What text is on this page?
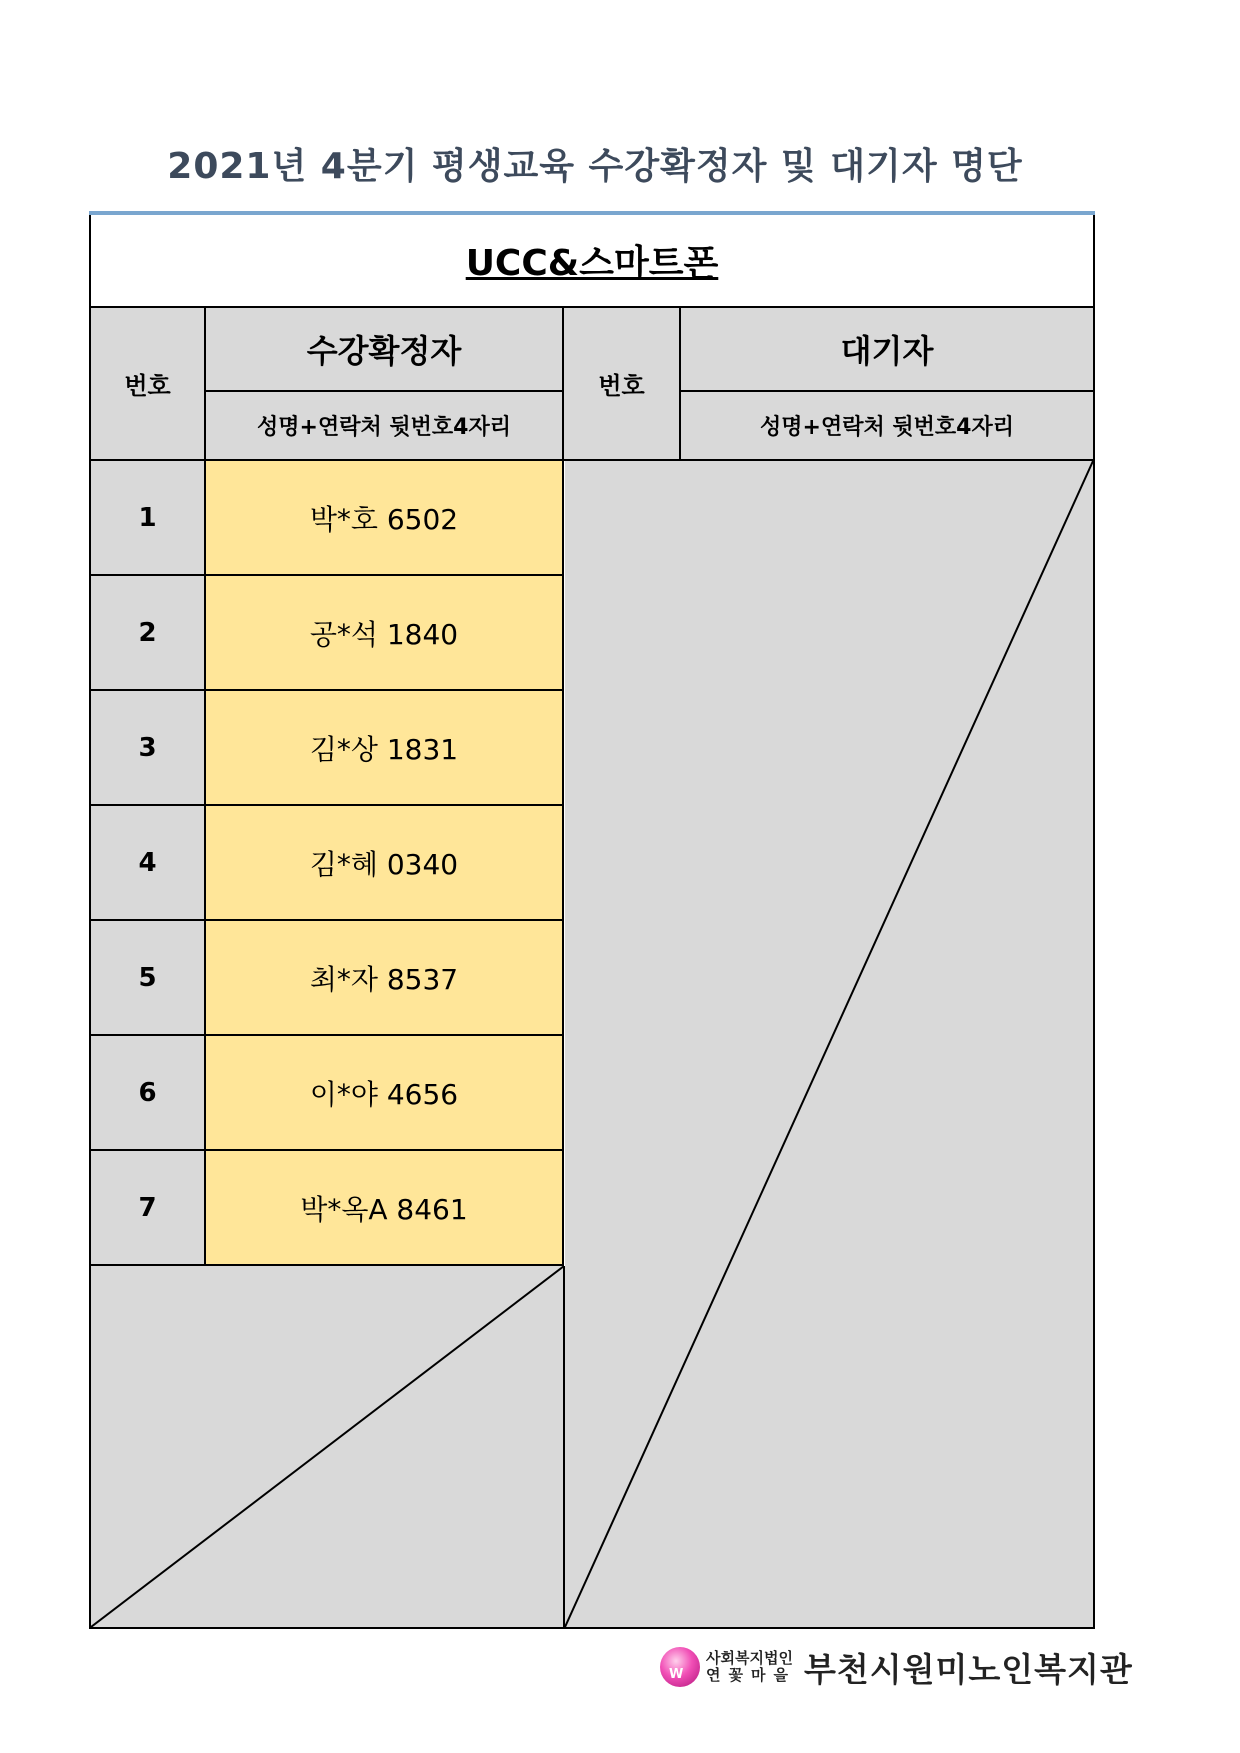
2021년 4분기 평생교육 수강확정자 및 대기자 명단
UCC&스마트폰
번호
수강확정자
성명+연락처 뒷번호4자리
번호
대기자
성명+연락처 뒷번호4자리
1	박*호 6502
2	공*석 1840
3	김*상 1831
4	김*혜 0340
5	최*자 8537
6	이*야 4656
7	박*옥A 8461
W
사회복지법인
연꽃마을 부천시원미노인복지관
